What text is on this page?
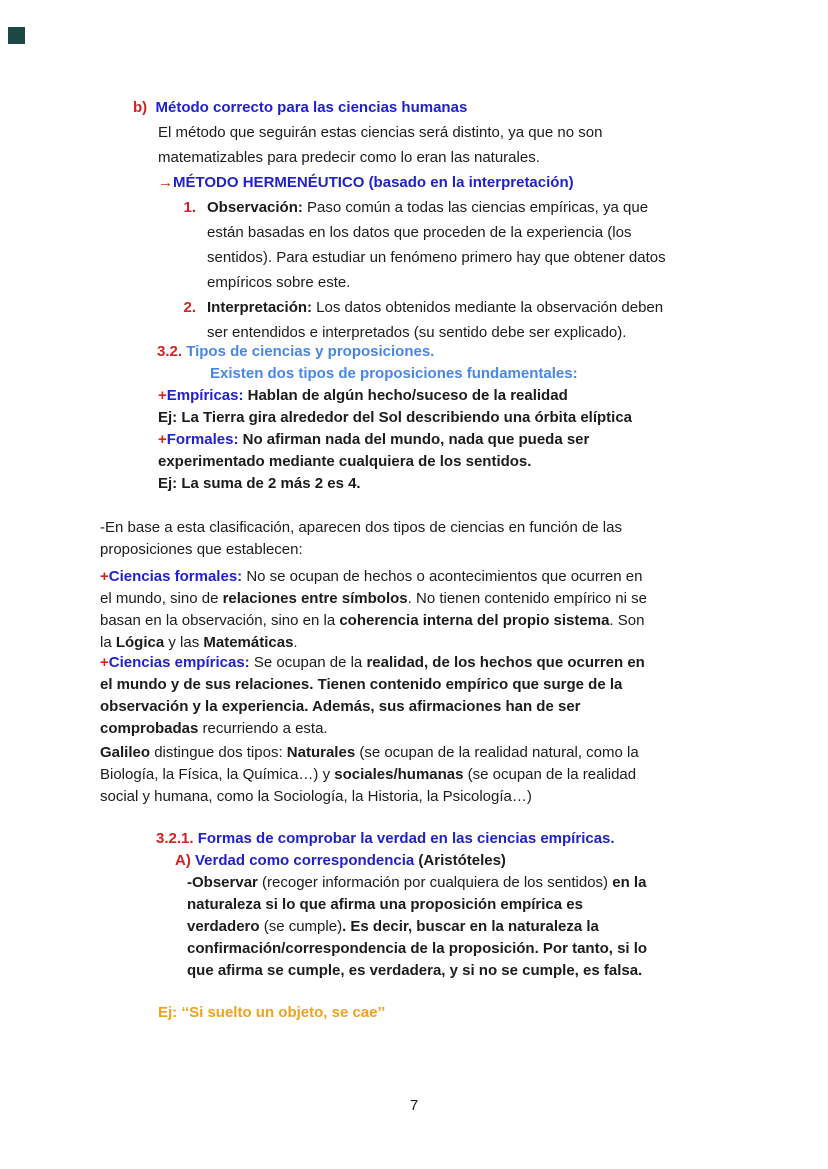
b)  Método correcto para las ciencias humanas
El método que seguirán estas ciencias será distinto, ya que no son
matematizables para predecir como lo eran las naturales.
→MÉTODO HERMENÉUTICO (basado en la interpretación)
1. Observación: Paso común a todas las ciencias empíricas, ya que
están basadas en los datos que proceden de la experiencia (los
sentidos). Para estudiar un fenómeno primero hay que obtener datos
empíricos sobre este.
2. Interpretación: Los datos obtenidos mediante la observación deben
ser entendidos e interpretados (su sentido debe ser explicado).
3.2. Tipos de ciencias y proposiciones.
Existen dos tipos de proposiciones fundamentales:
+Empíricas: Hablan de algún hecho/suceso de la realidad
Ej: La Tierra gira alrededor del Sol describiendo una órbita elíptica
+Formales: No afirman nada del mundo, nada que pueda ser
experimentado mediante cualquiera de los sentidos.
Ej: La suma de 2 más 2 es 4.
-En base a esta clasificación, aparecen dos tipos de ciencias en función de las
proposiciones que establecen:
+Ciencias formales: No se ocupan de hechos o acontecimientos que ocurren en
el mundo, sino de relaciones entre símbolos. No tienen contenido empírico ni se
basan en la observación, sino en la coherencia interna del propio sistema. Son
la Lógica y las Matemáticas.
+Ciencias empíricas: Se ocupan de la realidad, de los hechos que ocurren en
el mundo y de sus relaciones. Tienen contenido empírico que surge de la
observación y la experiencia. Además, sus afirmaciones han de ser
comprobadas recurriendo a esta.
Galileo distingue dos tipos: Naturales (se ocupan de la realidad natural, como la
Biología, la Física, la Química…) y sociales/humanas (se ocupan de la realidad
social y humana, como la Sociología, la Historia, la Psicología…)
3.2.1. Formas de comprobar la verdad en las ciencias empíricas.
A) Verdad como correspondencia (Aristóteles)
-Observar (recoger información por cualquiera de los sentidos) en la
naturaleza si lo que afirma una proposición empírica es
verdadero (se cumple). Es decir, buscar en la naturaleza la
confirmación/correspondencia de la proposición. Por tanto, si lo
que afirma se cumple, es verdadera, y si no se cumple, es falsa.
Ej: ‘‘Si suelto un objeto, se cae’’
7
